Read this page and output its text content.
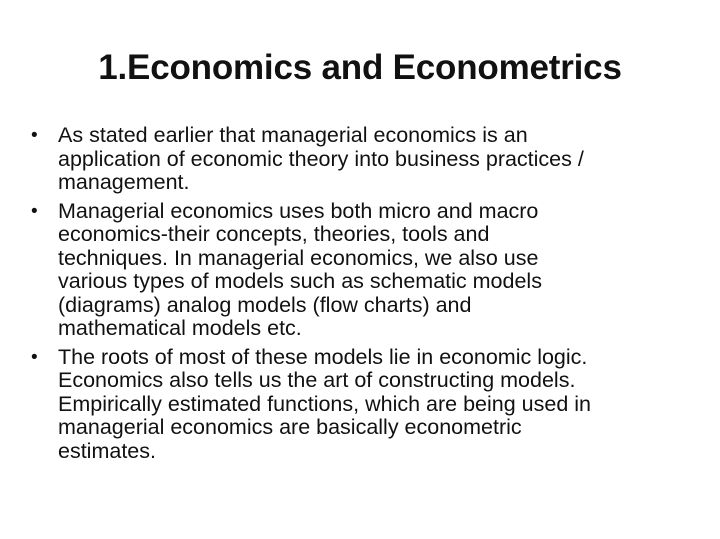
1.Economics and Econometrics
• As stated earlier that managerial economics is an
application of economic theory into business practices /
management.
• Managerial economics uses both micro and macro
economics-their concepts, theories, tools and
techniques. In managerial economics, we also use
various types of models such as schematic models
(diagrams) analog models (flow charts) and
mathematical models etc.
• The roots of most of these models lie in economic logic.
Economics also tells us the art of constructing models.
Empirically estimated functions, which are being used in
managerial economics are basically econometric
estimates.
